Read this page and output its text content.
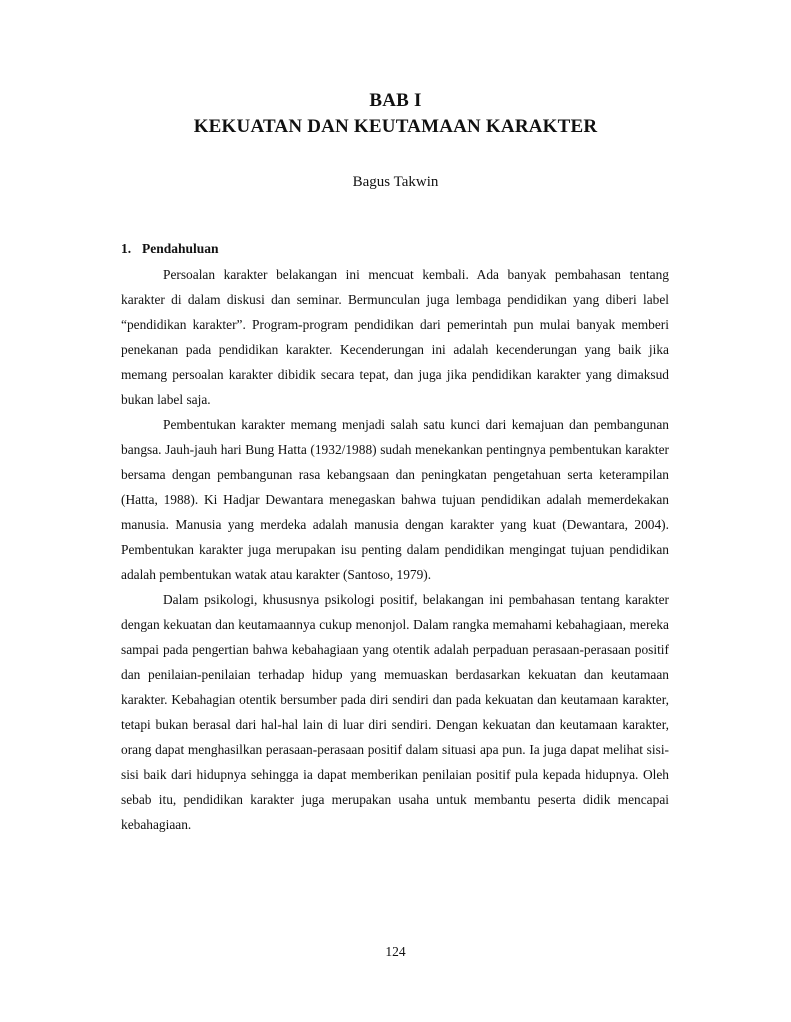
BAB I
KEKUATAN DAN KEUTAMAAN KARAKTER
Bagus Takwin
1. Pendahuluan

Persoalan karakter belakangan ini mencuat kembali. Ada banyak pembahasan tentang karakter di dalam diskusi dan seminar. Bermunculan juga lembaga pendidikan yang diberi label “pendidikan karakter”. Program-program pendidikan dari pemerintah pun mulai banyak memberi penekanan pada pendidikan karakter. Kecenderungan ini adalah kecenderungan yang baik jika memang persoalan karakter dibidik secara tepat, dan juga jika pendidikan karakter yang dimaksud bukan label saja.

Pembentukan karakter memang menjadi salah satu kunci dari kemajuan dan pembangunan bangsa. Jauh-jauh hari Bung Hatta (1932/1988) sudah menekankan pentingnya pembentukan karakter bersama dengan pembangunan rasa kebangsaan dan peningkatan pengetahuan serta keterampilan (Hatta, 1988). Ki Hadjar Dewantara menegaskan bahwa tujuan pendidikan adalah memerdekakan manusia. Manusia yang merdeka adalah manusia dengan karakter yang kuat (Dewantara, 2004). Pembentukan karakter juga merupakan isu penting dalam pendidikan mengingat tujuan pendidikan adalah pembentukan watak atau karakter (Santoso, 1979).

Dalam psikologi, khususnya psikologi positif, belakangan ini pembahasan tentang karakter dengan kekuatan dan keutamaannya cukup menonjol. Dalam rangka memahami kebahagiaan, mereka sampai pada pengertian bahwa kebahagiaan yang otentik adalah perpaduan perasaan-perasaan positif dan penilaian-penilaian terhadap hidup yang memuaskan berdasarkan kekuatan dan keutamaan karakter. Kebahagian otentik bersumber pada diri sendiri dan pada kekuatan dan keutamaan karakter, tetapi bukan berasal dari hal-hal lain di luar diri sendiri. Dengan kekuatan dan keutamaan karakter, orang dapat menghasilkan perasaan-perasaan positif dalam situasi apa pun. Ia juga dapat melihat sisi-sisi baik dari hidupnya sehingga ia dapat memberikan penilaian positif pula kepada hidupnya. Oleh sebab itu, pendidikan karakter juga merupakan usaha untuk membantu peserta didik mencapai kebahagiaan.

124
